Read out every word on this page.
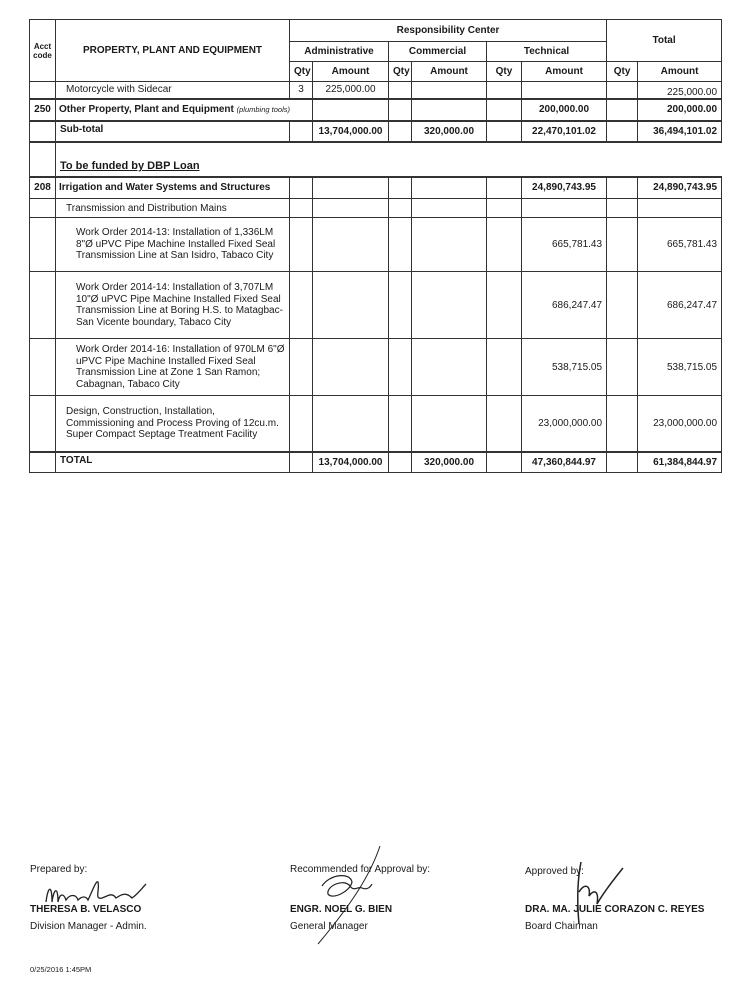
Acct code	PROPERTY, PLANT AND EQUIPMENT	Responsibility Center						Total	
		Administrative		Commercial		Technical			
		Qty	Amount	Qty	Amount	Qty	Amount	Qty	Amount
	Motorcycle with Sidecar	3	225,000.00						225,000.00
250	Other Property, Plant and Equipment (plumbing tools)						200,000.00		200,000.00
	Sub-total		13,704,000.00		320,000.00		22,470,101.02		36,494,101.02
	To be funded by DBP Loan								
208	Irrigation and Water Systems and Structures						24,890,743.95		24,890,743.95
	Transmission and Distribution Mains								
	Work Order 2014-13: Installation of 1,336LM 8"Ø uPVC Pipe Machine Installed Fixed Seal Transmission Line at San Isidro, Tabaco City						665,781.43		665,781.43
	Work Order 2014-14: Installation of 3,707LM 10"Ø uPVC Pipe Machine Installed Fixed Seal Transmission Line at Boring H.S. to Matagbac-San Vicente boundary, Tabaco City						686,247.47		686,247.47
	Work Order 2014-16: Installation of 970LM 6"Ø uPVC Pipe Machine Installed Fixed Seal Transmission Line at Zone 1 San Ramon; Cabagnan, Tabaco City						538,715.05		538,715.05
	Design, Construction, Installation, Commissioning and Process Proving of 12cu.m. Super Compact Septage Treatment Facility						23,000,000.00		23,000,000.00
	TOTAL		13,704,000.00		320,000.00		47,360,844.97		61,384,844.97
Prepared by:
THERESA B. VELASCO
Division Manager - Admin.
Recommended for Approval by:
ENGR. NOEL G. BIEN
General Manager
Approved by:
DRA. MA. JULIE CORAZON C. REYES
Board Chairman
0/25/2016 1:45PM
